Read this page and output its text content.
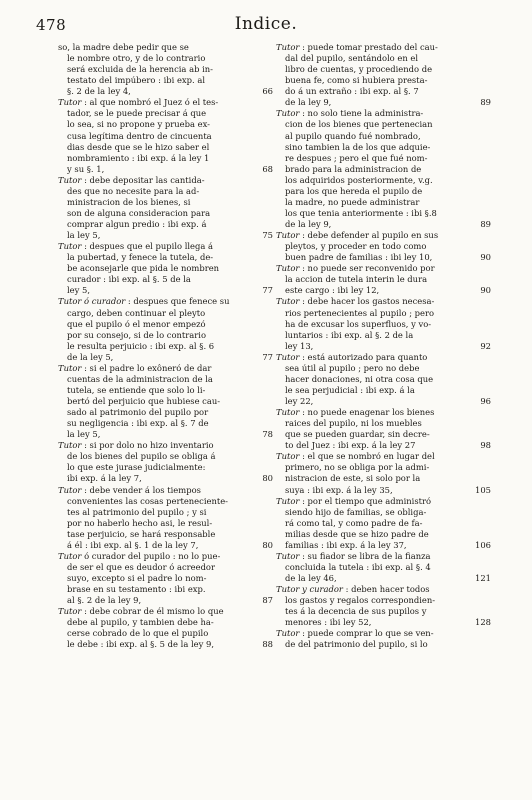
478	Indice.

so, la madre debe pedir que se
le nombre otro, y de lo contrario
será excluida de la herencia ab in-
testato del impúbero : ibi exp. al
§. 2 de la ley 4,	66

Tutor : al que nombró el Juez ó el tes-
tador, se le puede precisar á que
lo sea, si no propone y prueba ex-
cusa legítima dentro de cincuenta
dias desde que se le hizo saber el
nombramiento : ibi exp. á la ley 1
y su §. 1,	68

Tutor : debe depositar las cantida-
des que no necesite para la ad-
ministracion de los bienes, si
son de alguna consideracion para
comprar algun predio : ibi exp. á
la ley 5,	75

Tutor : despues que el pupilo llega á
la pubertad, y fenece la tutela, de-
be aconsejarle que pida le nombren
curador : ibi exp. al §. 5 de la
ley 5,	77

Tutor ó curador : despues que fenece su
cargo, deben continuar el pleyto
que el pupilo ó el menor empezó
por su consejo, si de lo contrario
le resulta perjuicio : ibi exp. al §. 6
de la ley 5,	77

Tutor : si el padre lo exôneró de dar
cuentas de la administracion de la
tutela, se entiende que solo lo li-
bertó del perjuicio que hubiese cau-
sado al patrimonio del pupilo por
su negligencia : ibi exp. al §. 7 de
la ley 5,	78

Tutor : si por dolo no hizo inventario
de los bienes del pupilo se obliga á
lo que este jurase judicialmente:
ibi exp. á la ley 7,	80

Tutor : debe vender á los tiempos
convenientes las cosas perteneciente-
tes al patrimonio del pupilo ; y si
por no haberlo hecho asi, le resul-
tase perjuicio, se hará responsable
á él : ibi exp. al §. 1 de la ley 7,	80

Tutor ó curador del pupilo : no lo pue-
de ser el que es deudor ó acreedor
suyo, excepto si el padre lo nom-
brase en su testamento : ibi exp.
al §. 2 de la ley 9,	87

Tutor : debe cobrar de él mismo lo que
debe al pupilo, y tambien debe ha-
cerse cobrado de lo que el pupilo
le debe : ibi exp. al §. 5 de la ley 9,	88

Tutor : puede tomar prestado del cau-
dal del pupilo, sentándolo en el
libro de cuentas, y procediendo de
buena fe, como si hubiera presta-
do á un extraño : ibi exp. al §. 7
de la ley 9,	89

Tutor : no solo tiene la administra-
cion de los bienes que pertenecian
al pupilo quando fué nombrado,
sino tambien la de los que adquie-
re despues ; pero el que fué nom-
brado para la administracion de
los adquiridos posteriormente, v.g.
para los que hereda el pupilo de
la madre, no puede administrar
los que tenia anteriormente : ibi §.8
de la ley 9,	89

Tutor : debe defender al pupilo en sus
pleytos, y proceder en todo como
buen padre de familias : ibi ley 10,	90

Tutor : no puede ser reconvenido por
la accion de tutela interin le dura
este cargo : ibi ley 12,	90

Tutor : debe hacer los gastos necesa-
rios pertenecientes al pupilo ; pero
ha de excusar los superfluos, y vo-
luntarios : ibi exp. al §. 2 de la
ley 13,	92

Tutor : está autorizado para quanto
sea útil al pupilo ; pero no debe
hacer donaciones, ni otra cosa que
le sea perjudicial : ibi exp. á la
ley 22,	96

Tutor : no puede enagenar los bienes
raices del pupilo, ni los muebles
que se pueden guardar, sin decre-
to del Juez : ibi exp. á la ley 27	98

Tutor : el que se nombró en lugar del
primero, no se obliga por la admi-
nistracion de este, si solo por la
suya : ibi exp. á la ley 35,	105

Tutor : por el tiempo que administró
siendo hijo de familias, se obliga-
rá como tal, y como padre de fa-
milias desde que se hizo padre de
familias : ibi exp. á la ley 37,	106

Tutor : su fiador se libra de la fianza
concluida la tutela : ibi exp. al §. 4
de la ley 46,	121

Tutor y curador : deben hacer todos
los gastos y regalos correspondien-
tes á la decencia de sus pupilos y
menores : ibi ley 52,	128

Tutor : puede comprar lo que se ven-
de del patrimonio del pupilo, si lo
